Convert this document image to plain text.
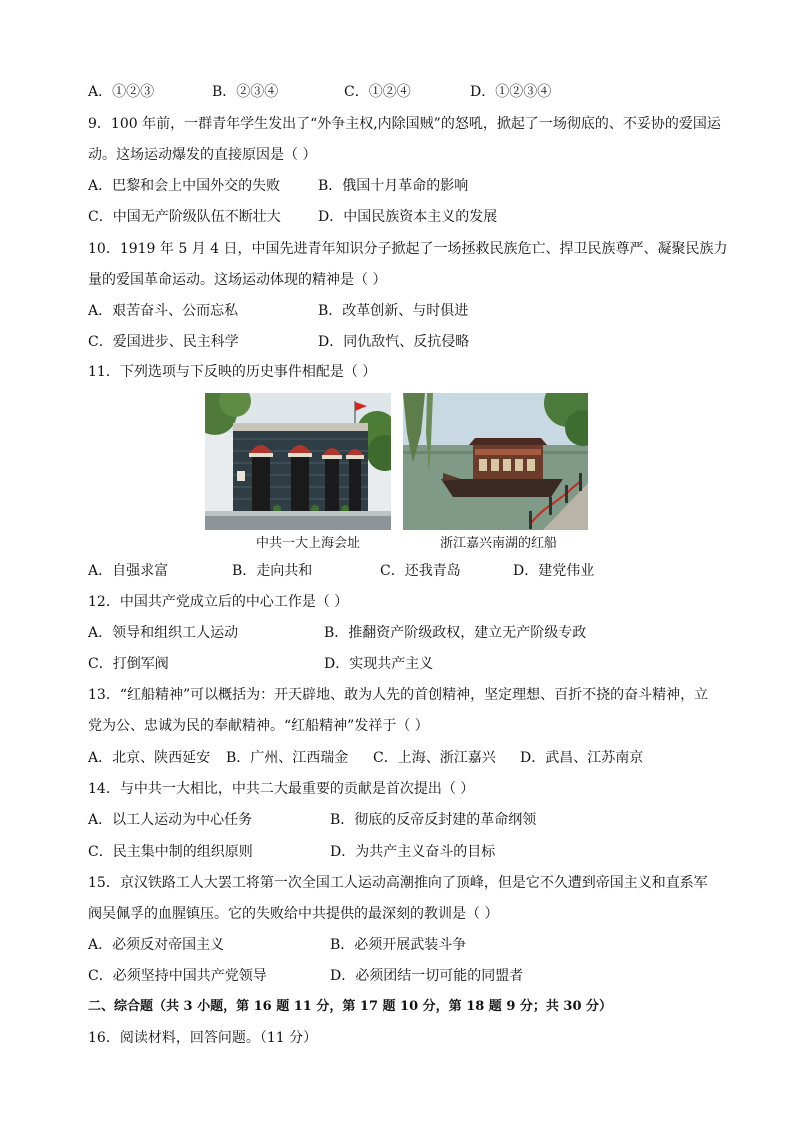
A．①②③	B．②③④	C．①②④	D．①②③④
9．100 年前，一群青年学生发出了“外争主权,内除国贼”的怒吼，掀起了一场彻底的、不妥协的爱国运
动。这场运动爆发的直接原因是（ ）
A．巴黎和会上中国外交的失败	B．俄国十月革命的影响
C．中国无产阶级队伍不断壮大	D．中国民族资本主义的发展
10．1919 年 5 月 4 日，中国先进青年知识分子掀起了一场拯救民族危亡、捍卫民族尊严、凝聚民族力
量的爱国革命运动。这场运动体现的精神是（ ）
A．艰苦奋斗、公而忘私	B．改革创新、与时俱进
C．爱国进步、民主科学	D．同仇敌忾、反抗侵略
11．下列选项与下反映的历史事件相配是（ ）
中共一大上海会址	浙江嘉兴南湖的红船
A．自强求富	B．走向共和	C．还我青岛	D．建党伟业
12．中国共产党成立后的中心工作是（ ）
A．领导和组织工人运动	B．推翻资产阶级政权，建立无产阶级专政
C．打倒军阀	D．实现共产主义
13．“红船精神”可以概括为：开天辟地、敢为人先的首创精神，坚定理想、百折不挠的奋斗精神，立
党为公、忠诚为民的奉献精神。“红船精神”发祥于（ ）
A．北京、陕西延安 B．广州、江西瑞金 C．上海、浙江嘉兴 D．武昌、江苏南京
14．与中共一大相比，中共二大最重要的贡献是首次提出（ ）
A．以工人运动为中心任务	B．彻底的反帝反封建的革命纲领
C．民主集中制的组织原则	D．为共产主义奋斗的目标
15．京汉铁路工人大罢工将第一次全国工人运动高潮推向了顶峰，但是它不久遭到帝国主义和直系军
阀吴佩孚的血腥镇压。它的失败给中共提供的最深刻的教训是（ ）
A．必须反对帝国主义	B．必须开展武装斗争
C．必须坚持中国共产党领导	D．必须团结一切可能的同盟者
二、综合题（共 3 小题，第 16 题 11 分，第 17 题 10 分，第 18 题 9 分；共 30 分）
16．阅读材料，回答问题。（11 分）
